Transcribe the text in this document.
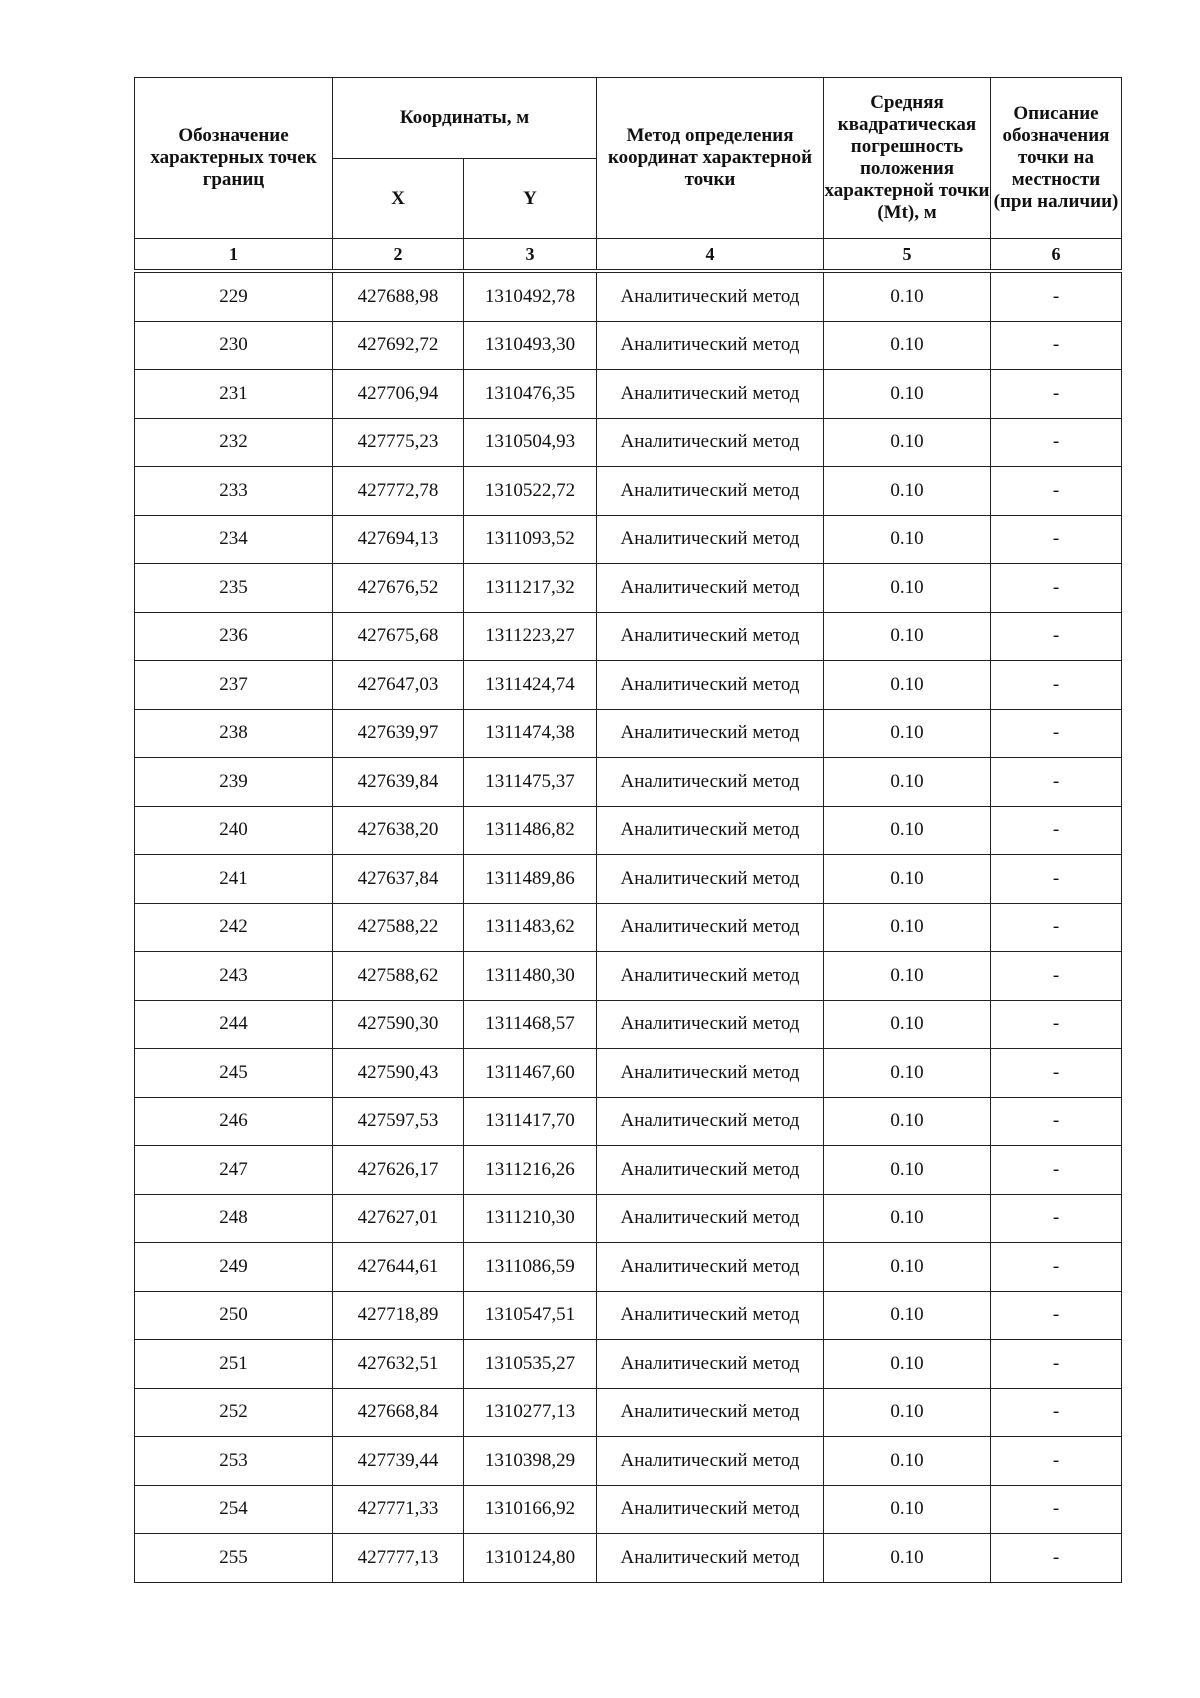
Обозначение характерных точек границ	Координаты, м		Метод определения координат характерной точки	Средняя квадратическая погрешность положения характерной точки (Mt), м	Описание обозначения точки на местности (при наличии)
	X	Y			
1	2	3	4	5	6

229	427688,98	1310492,78	Аналитический метод	0.10	-
230	427692,72	1310493,30	Аналитический метод	0.10	-
231	427706,94	1310476,35	Аналитический метод	0.10	-
232	427775,23	1310504,93	Аналитический метод	0.10	-
233	427772,78	1310522,72	Аналитический метод	0.10	-
234	427694,13	1311093,52	Аналитический метод	0.10	-
235	427676,52	1311217,32	Аналитический метод	0.10	-
236	427675,68	1311223,27	Аналитический метод	0.10	-
237	427647,03	1311424,74	Аналитический метод	0.10	-
238	427639,97	1311474,38	Аналитический метод	0.10	-
239	427639,84	1311475,37	Аналитический метод	0.10	-
240	427638,20	1311486,82	Аналитический метод	0.10	-
241	427637,84	1311489,86	Аналитический метод	0.10	-
242	427588,22	1311483,62	Аналитический метод	0.10	-
243	427588,62	1311480,30	Аналитический метод	0.10	-
244	427590,30	1311468,57	Аналитический метод	0.10	-
245	427590,43	1311467,60	Аналитический метод	0.10	-
246	427597,53	1311417,70	Аналитический метод	0.10	-
247	427626,17	1311216,26	Аналитический метод	0.10	-
248	427627,01	1311210,30	Аналитический метод	0.10	-
249	427644,61	1311086,59	Аналитический метод	0.10	-
250	427718,89	1310547,51	Аналитический метод	0.10	-
251	427632,51	1310535,27	Аналитический метод	0.10	-
252	427668,84	1310277,13	Аналитический метод	0.10	-
253	427739,44	1310398,29	Аналитический метод	0.10	-
254	427771,33	1310166,92	Аналитический метод	0.10	-
255	427777,13	1310124,80	Аналитический метод	0.10	-
